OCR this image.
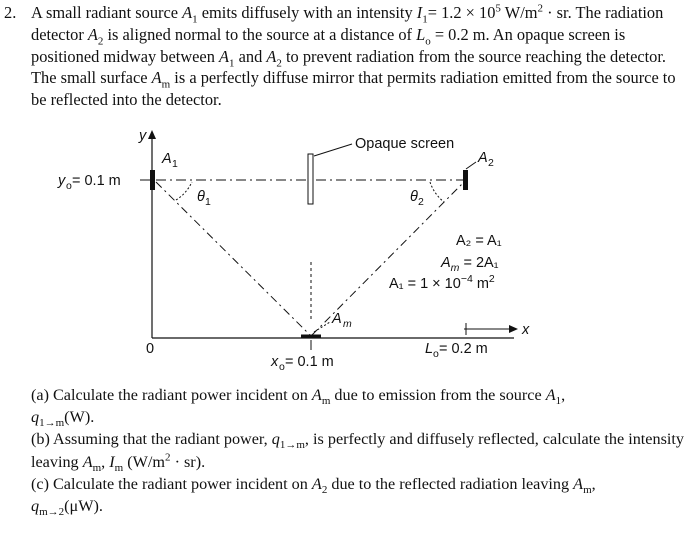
2. A small radiant source $A_1$ emits diffusely with an intensity $I_1= 1.2 \times 10^5$ $W/m^2$ · sr. The radiation detector $A_2$ is aligned normal to the source at a distance of $L_o = 0.2$ m. An opaque screen is positioned midway between $A_1$ and $A_2$ to prevent radiation from the source reaching the detector. The small surface $A_m$ is a perfectly diffuse mirror that permits radiation emitted from the source to be reflected into the detector.
y
x
0
y o = 0.1 m
A 1
Opaque screen
A 2
θ 1	θ 2
A m
x o = 0.1 m
L o = 0.2 m
A₂ = A₁
$A_m = 2A_1$
$A_1 = 1 \times 10^{-4}$ $m^2$

(a) Calculate the radiant power incident on $A_m$ due to emission from the source $A_1$,
$q_{1\to m}(W)$.

(b) Assuming that the radiant power, $q_{1\to m}$, is perfectly and diffusely reflected, calculate the intensity leaving $A_m$, $I_m$ $(W/m^2 \cdot sr)$.

(c) Calculate the radiant power incident on $A_2$ due to the reflected radiation leaving $A_m$,
$q_{m\to 2}(\mu W)$.
